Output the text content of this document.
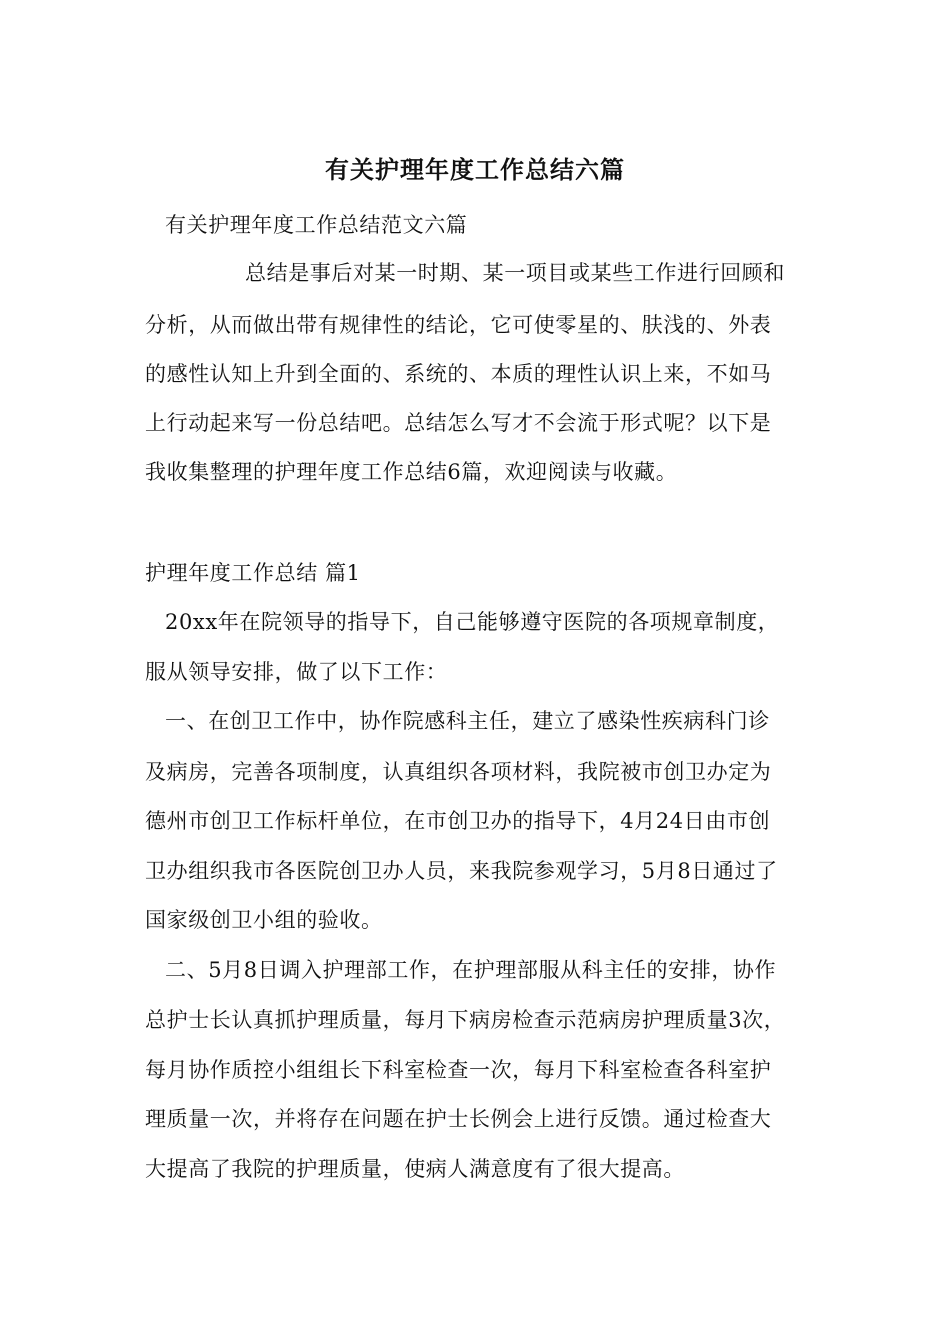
有关护理年度工作总结六篇
有关护理年度工作总结范文六篇
总结是事后对某一时期、某一项目或某些工作进行回顾和
分析，从而做出带有规律性的结论，它可使零星的、肤浅的、外表
的感性认知上升到全面的、系统的、本质的理性认识上来，不如马
上行动起来写一份总结吧。总结怎么写才不会流于形式呢？以下是
我收集整理的护理年度工作总结6篇，欢迎阅读与收藏。
护理年度工作总结 篇1
20xx年在院领导的指导下，自己能够遵守医院的各项规章制度，
服从领导安排，做了以下工作：
一、在创卫工作中，协作院感科主任，建立了感染性疾病科门诊
及病房，完善各项制度，认真组织各项材料，我院被市创卫办定为
德州市创卫工作标杆单位，在市创卫办的指导下，4月24日由市创
卫办组织我市各医院创卫办人员，来我院参观学习，5月8日通过了
国家级创卫小组的验收。
二、5月8日调入护理部工作，在护理部服从科主任的安排，协作
总护士长认真抓护理质量，每月下病房检查示范病房护理质量3次，
每月协作质控小组组长下科室检查一次，每月下科室检查各科室护
理质量一次，并将存在问题在护士长例会上进行反馈。通过检查大
大提高了我院的护理质量，使病人满意度有了很大提高。
